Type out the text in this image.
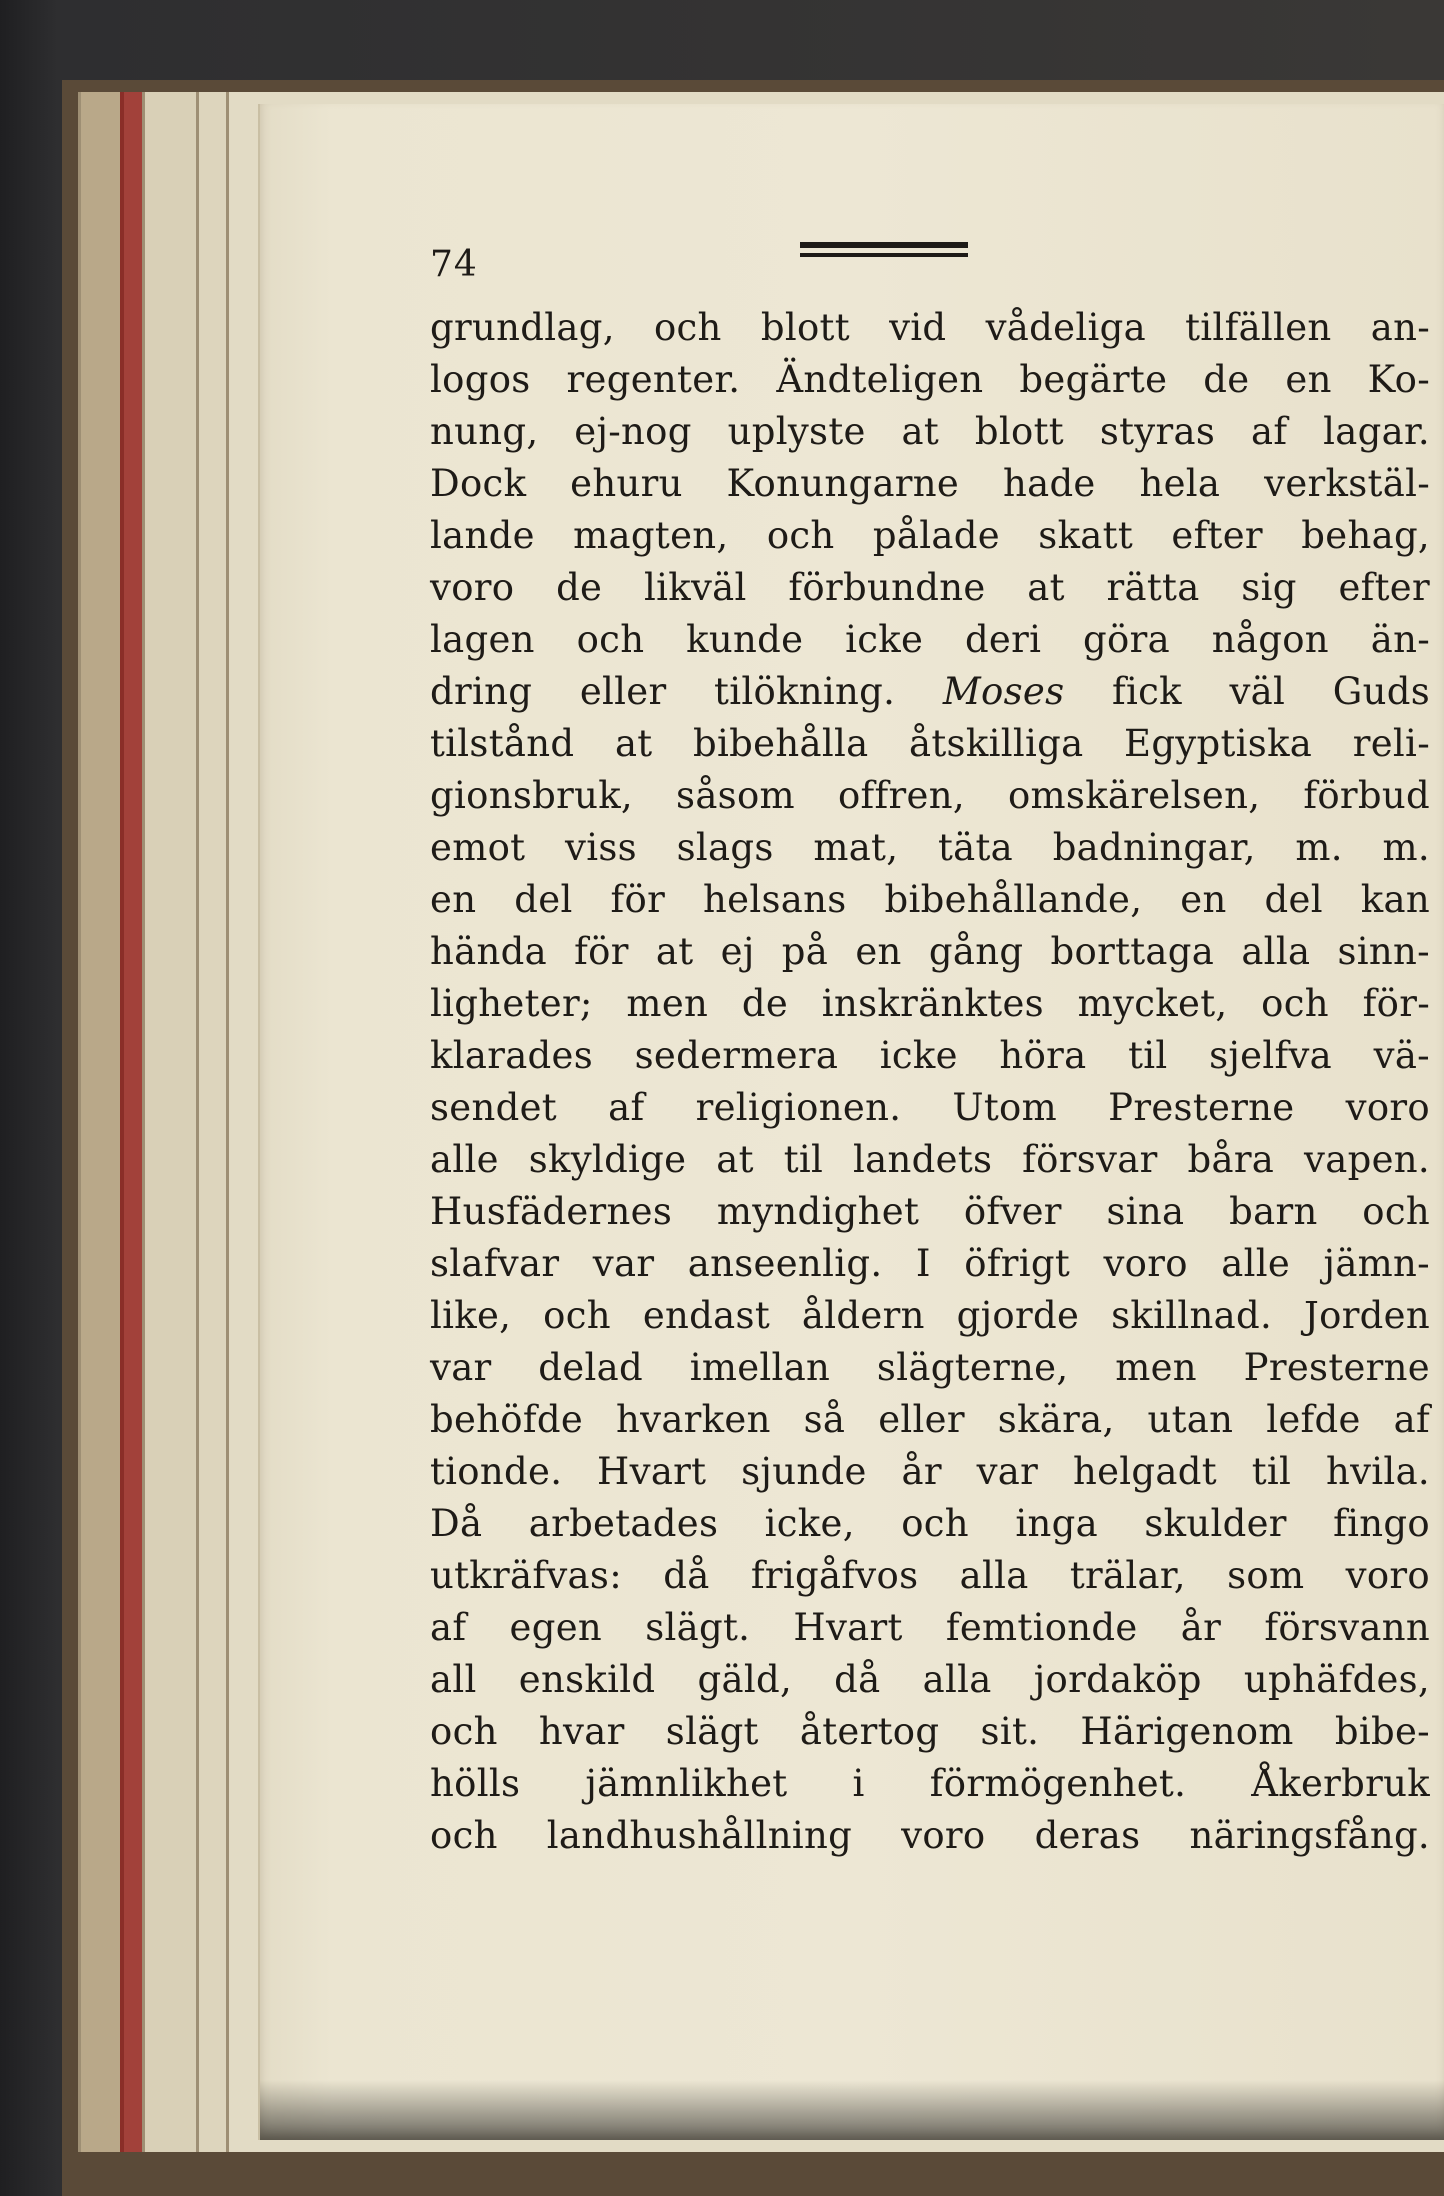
74
grundlag, och blott vid vådeliga tilfällen an-
logos regenter. Ändteligen begärte de en Ko-
nung, ej-nog uplyste at blott styras af lagar.
Dock ehuru Konungarne hade hela verkstäl-
lande magten, och pålade skatt efter behag,
voro de likväl förbundne at rätta sig efter
lagen och kunde icke deri göra någon än-
dring eller tilökning. Moses fick väl Guds
tilstånd at bibehålla åtskilliga Egyptiska reli-
gionsbruk, såsom offren, omskärelsen, förbud
emot viss slags mat, täta badningar, m. m.
en del för helsans bibehållande, en del kan
hända för at ej på en gång borttaga alla sinn-
ligheter; men de inskränktes mycket, och för-
klarades sedermera icke höra til sjelfva vä-
sendet af religionen. Utom Presterne voro
alle skyldige at til landets försvar båra vapen.
Husfädernes myndighet öfver sina barn och
slafvar var anseenlig. I öfrigt voro alle jämn-
like, och endast åldern gjorde skillnad. Jorden
var delad imellan slägterne, men Presterne
behöfde hvarken så eller skära, utan lefde af
tionde. Hvart sjunde år var helgadt til hvila.
Då arbetades icke, och inga skulder fingo
utkräfvas: då frigåfvos alla trälar, som voro
af egen slägt. Hvart femtionde år försvann
all enskild gäld, då alla jordaköp uphäfdes,
och hvar slägt återtog sit. Härigenom bibe-
hölls jämnlikhet i förmögenhet. Åkerbruk
och landhushållning voro deras näringsfång.
